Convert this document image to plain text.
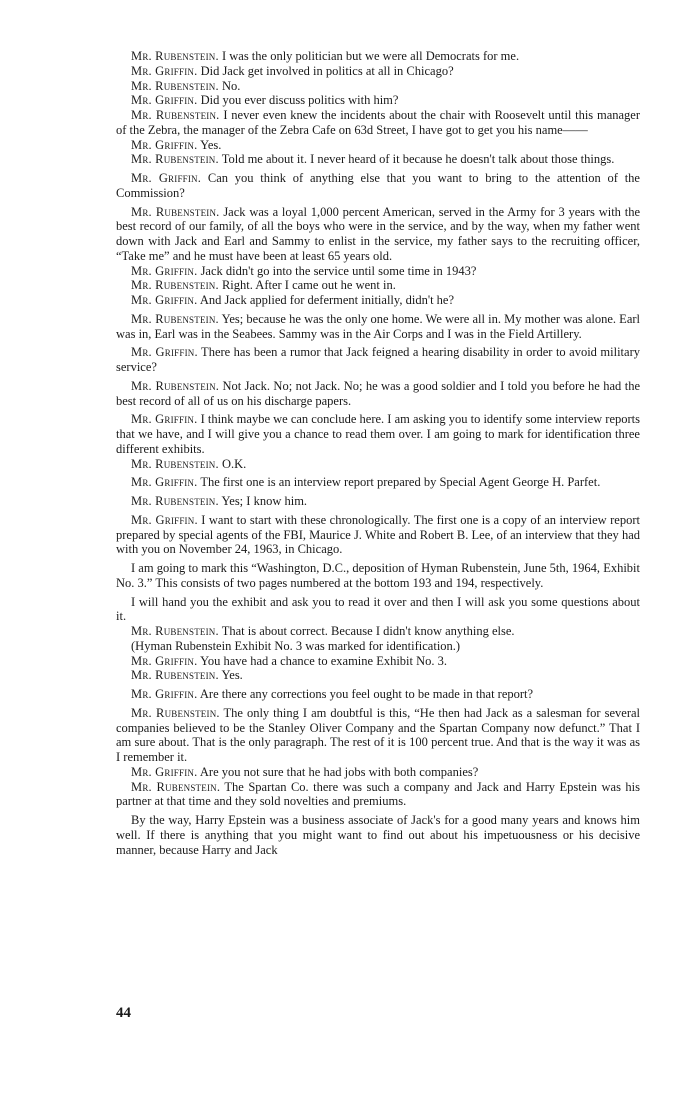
Mr. Rubenstein. I was the only politician but we were all Democrats for me.

Mr. Griffin. Did Jack get involved in politics at all in Chicago?

Mr. Rubenstein. No.

Mr. Griffin. Did you ever discuss politics with him?

Mr. Rubenstein. I never even knew the incidents about the chair with Roosevelt until this manager of the Zebra, the manager of the Zebra Cafe on 63d Street, I have got to get you his name——

Mr. Griffin. Yes.

Mr. Rubenstein. Told me about it. I never heard of it because he doesn't talk about those things.

Mr. Griffin. Can you think of anything else that you want to bring to the attention of the Commission?

Mr. Rubenstein. Jack was a loyal 1,000 percent American, served in the Army for 3 years with the best record of our family, of all the boys who were in the service, and by the way, when my father went down with Jack and Earl and Sammy to enlist in the service, my father says to the recruiting officer, “Take me” and he must have been at least 65 years old.

Mr. Griffin. Jack didn't go into the service until some time in 1943?

Mr. Rubenstein. Right. After I came out he went in.

Mr. Griffin. And Jack applied for deferment initially, didn't he?

Mr. Rubenstein. Yes; because he was the only one home. We were all in. My mother was alone. Earl was in, Earl was in the Seabees. Sammy was in the Air Corps and I was in the Field Artillery.

Mr. Griffin. There has been a rumor that Jack feigned a hearing disability in order to avoid military service?

Mr. Rubenstein. Not Jack. No; not Jack. No; he was a good soldier and I told you before he had the best record of all of us on his discharge papers.

Mr. Griffin. I think maybe we can conclude here. I am asking you to identify some interview reports that we have, and I will give you a chance to read them over. I am going to mark for identification three different exhibits.

Mr. Rubenstein. O.K.

Mr. Griffin. The first one is an interview report prepared by Special Agent George H. Parfet.

Mr. Rubenstein. Yes; I know him.

Mr. Griffin. I want to start with these chronologically. The first one is a copy of an interview report prepared by special agents of the FBI, Maurice J. White and Robert B. Lee, of an interview that they had with you on November 24, 1963, in Chicago.

I am going to mark this “Washington, D.C., deposition of Hyman Rubenstein, June 5th, 1964, Exhibit No. 3.” This consists of two pages numbered at the bottom 193 and 194, respectively.

I will hand you the exhibit and ask you to read it over and then I will ask you some questions about it.

Mr. Rubenstein. That is about correct. Because I didn't know anything else.

(Hyman Rubenstein Exhibit No. 3 was marked for identification.)

Mr. Griffin. You have had a chance to examine Exhibit No. 3.

Mr. Rubenstein. Yes.

Mr. Griffin. Are there any corrections you feel ought to be made in that report?

Mr. Rubenstein. The only thing I am doubtful is this, “He then had Jack as a salesman for several companies believed to be the Stanley Oliver Company and the Spartan Company now defunct.” That I am sure about. That is the only paragraph. The rest of it is 100 percent true. And that is the way it was as I remember it.

Mr. Griffin. Are you not sure that he had jobs with both companies?

Mr. Rubenstein. The Spartan Co. there was such a company and Jack and Harry Epstein was his partner at that time and they sold novelties and premiums.

By the way, Harry Epstein was a business associate of Jack's for a good many years and knows him well. If there is anything that you might want to find out about his impetuousness or his decisive manner, because Harry and Jack

44
